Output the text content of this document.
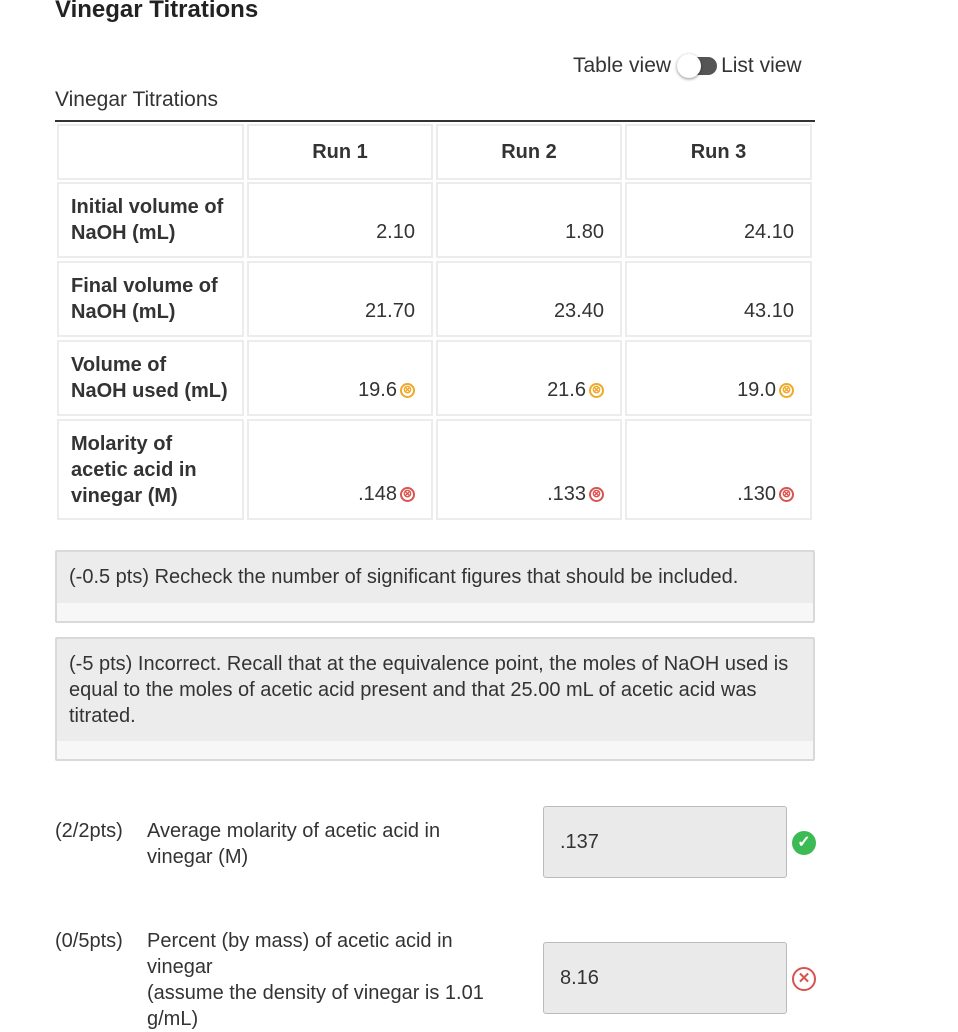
Vinegar Titrations
Table view List view
Vinegar Titrations
Run 1	Run 2	Run 3
Initial volume of
NaOH (mL)	2.10	1.80	24.10
Final volume of
NaOH (mL)	21.70	23.40	43.10
Volume of
NaOH used (mL)	19.6 ⊗	21.6 ⊗	19.0 ⊗
Molarity of
acetic acid in
vinegar (M)	.148 ⊗	.133 ⊗	.130 ⊗
(-0.5 pts) Recheck the number of significant figures that should be included.
(-5 pts) Incorrect. Recall that at the equivalence point, the moles of NaOH used is equal to the moles of acetic acid present and that 25.00 mL of acetic acid was titrated.
(2/2pts)	Average molarity of acetic acid in
vinegar (M)
.137	✓
(0/5pts)	Percent (by mass) of acetic acid in
vinegar
(assume the density of vinegar is 1.01
g/mL)
8.16	✕
